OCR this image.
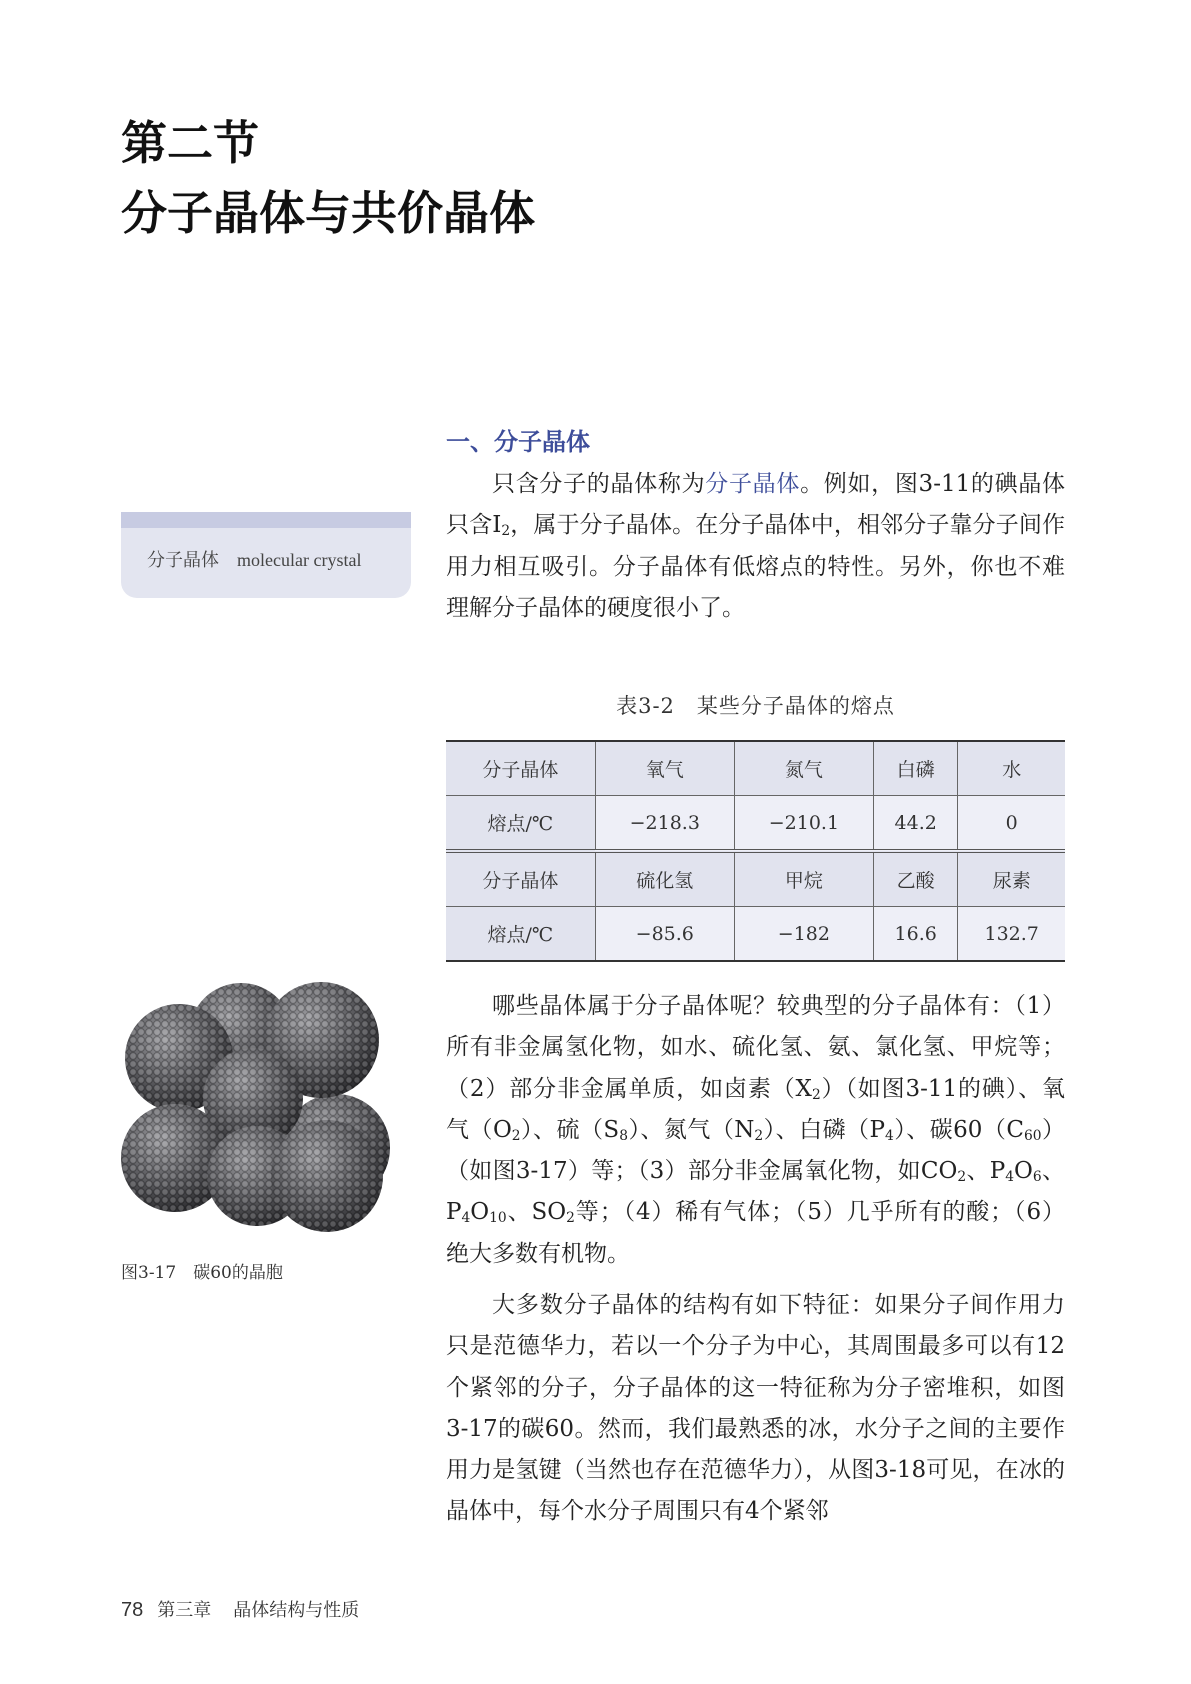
第二节
分子晶体与共价晶体
一、分子晶体
分子晶体 molecular crystal

只含分子的晶体称为分子晶体。例如，图3-11的碘晶体只含$I_2$，属于分子晶体。在分子晶体中，相邻分子靠分子间作用力相互吸引。分子晶体有低熔点的特性。另外，你也不难理解分子晶体的硬度很小了。

表3-2　某些分子晶体的熔点
分子晶体	氧气	氮气	白磷	水
熔点/℃	−218.3	−210.1	44.2	0
分子晶体	硫化氢	甲烷	乙酸	尿素
熔点/℃	−85.6	−182	16.6	132.7

哪些晶体属于分子晶体呢？较典型的分子晶体有：（1）所有非金属氢化物，如水、硫化氢、氨、氯化氢、甲烷等；（2）部分非金属单质，如卤素$(X_2)$（如图3-11的碘）、氧气$(O_2)$、硫$(S_8)$、氮气$(N_2)$、白磷$(P_4)$、碳$60(C_{60})$（如图3-17）等；（3）部分非金属氧化物，如$CO_2$、$P_4O_6$、$P_4O_{10}$、$SO_2$等；（4）稀有气体；（5）几乎所有的酸；（6）绝大多数有机物。

大多数分子晶体的结构有如下特征：如果分子间作用力只是范德华力，若以一个分子为中心，其周围最多可以有12个紧邻的分子，分子晶体的这一特征称为分子密堆积，如图3-17的碳60。然而，我们最熟悉的冰，水分子之间的主要作用力是氢键（当然也存在范德华力），从图3-18可见，在冰的晶体中，每个水分子周围只有4个紧邻

图3-17　碳60的晶胞
78 第三章 晶体结构与性质
